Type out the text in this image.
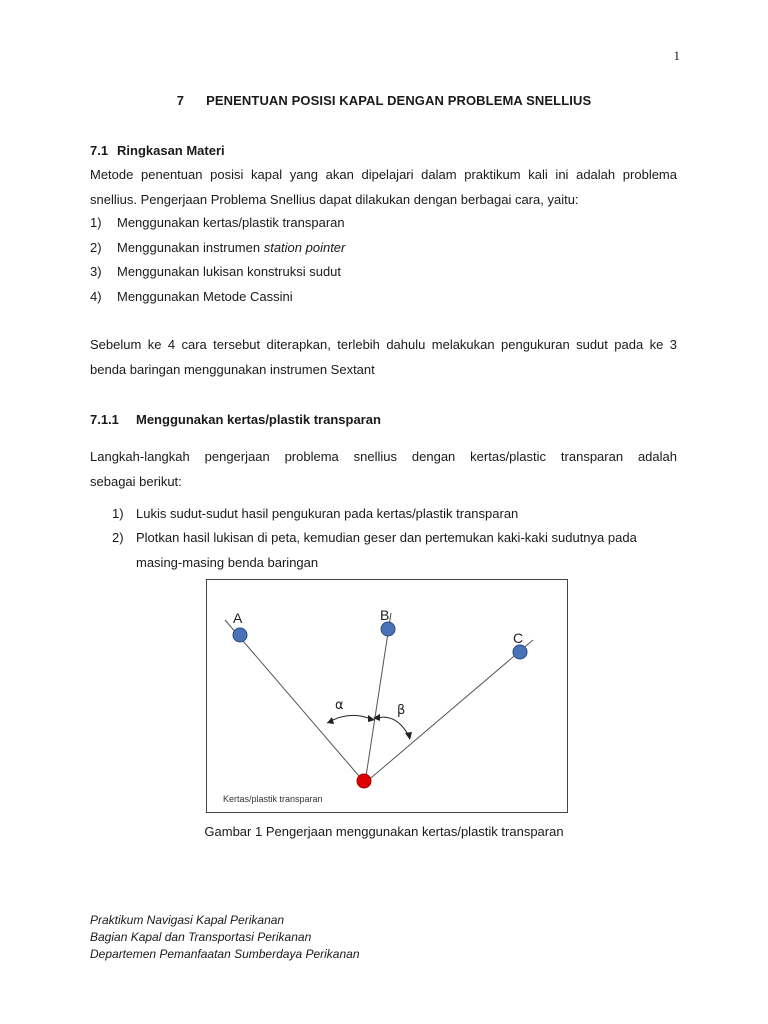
1
7 PENENTUAN POSISI KAPAL DENGAN PROBLEMA SNELLIUS
7.1 Ringkasan Materi
Metode penentuan posisi kapal yang akan dipelajari dalam praktikum kali ini adalah problema
snellius. Pengerjaan Problema Snellius dapat dilakukan dengan berbagai cara, yaitu:
1) Menggunakan kertas/plastik transparan
2) Menggunakan instrumen station pointer
3) Menggunakan lukisan konstruksi sudut
4) Menggunakan Metode Cassini
Sebelum ke 4 cara tersebut diterapkan, terlebih dahulu melakukan pengukuran sudut pada ke 3
benda baringan menggunakan instrumen Sextant
7.1.1 Menggunakan kertas/plastik transparan
Langkah-langkah pengerjaan problema snellius dengan kertas/plastic transparan adalah
sebagai berikut:
1) Lukis sudut-sudut hasil pengukuran pada kertas/plastik transparan
2) Plotkan hasil lukisan di peta, kemudian geser dan pertemukan kaki-kaki sudutnya pada
masing-masing benda baringan
A	B
C
α	β
Kertas/plastik transparan
Gambar 1 Pengerjaan menggunakan kertas/plastik transparan
Praktikum Navigasi Kapal Perikanan
Bagian Kapal dan Transportasi Perikanan
Departemen Pemanfaatan Sumberdaya Perikanan
